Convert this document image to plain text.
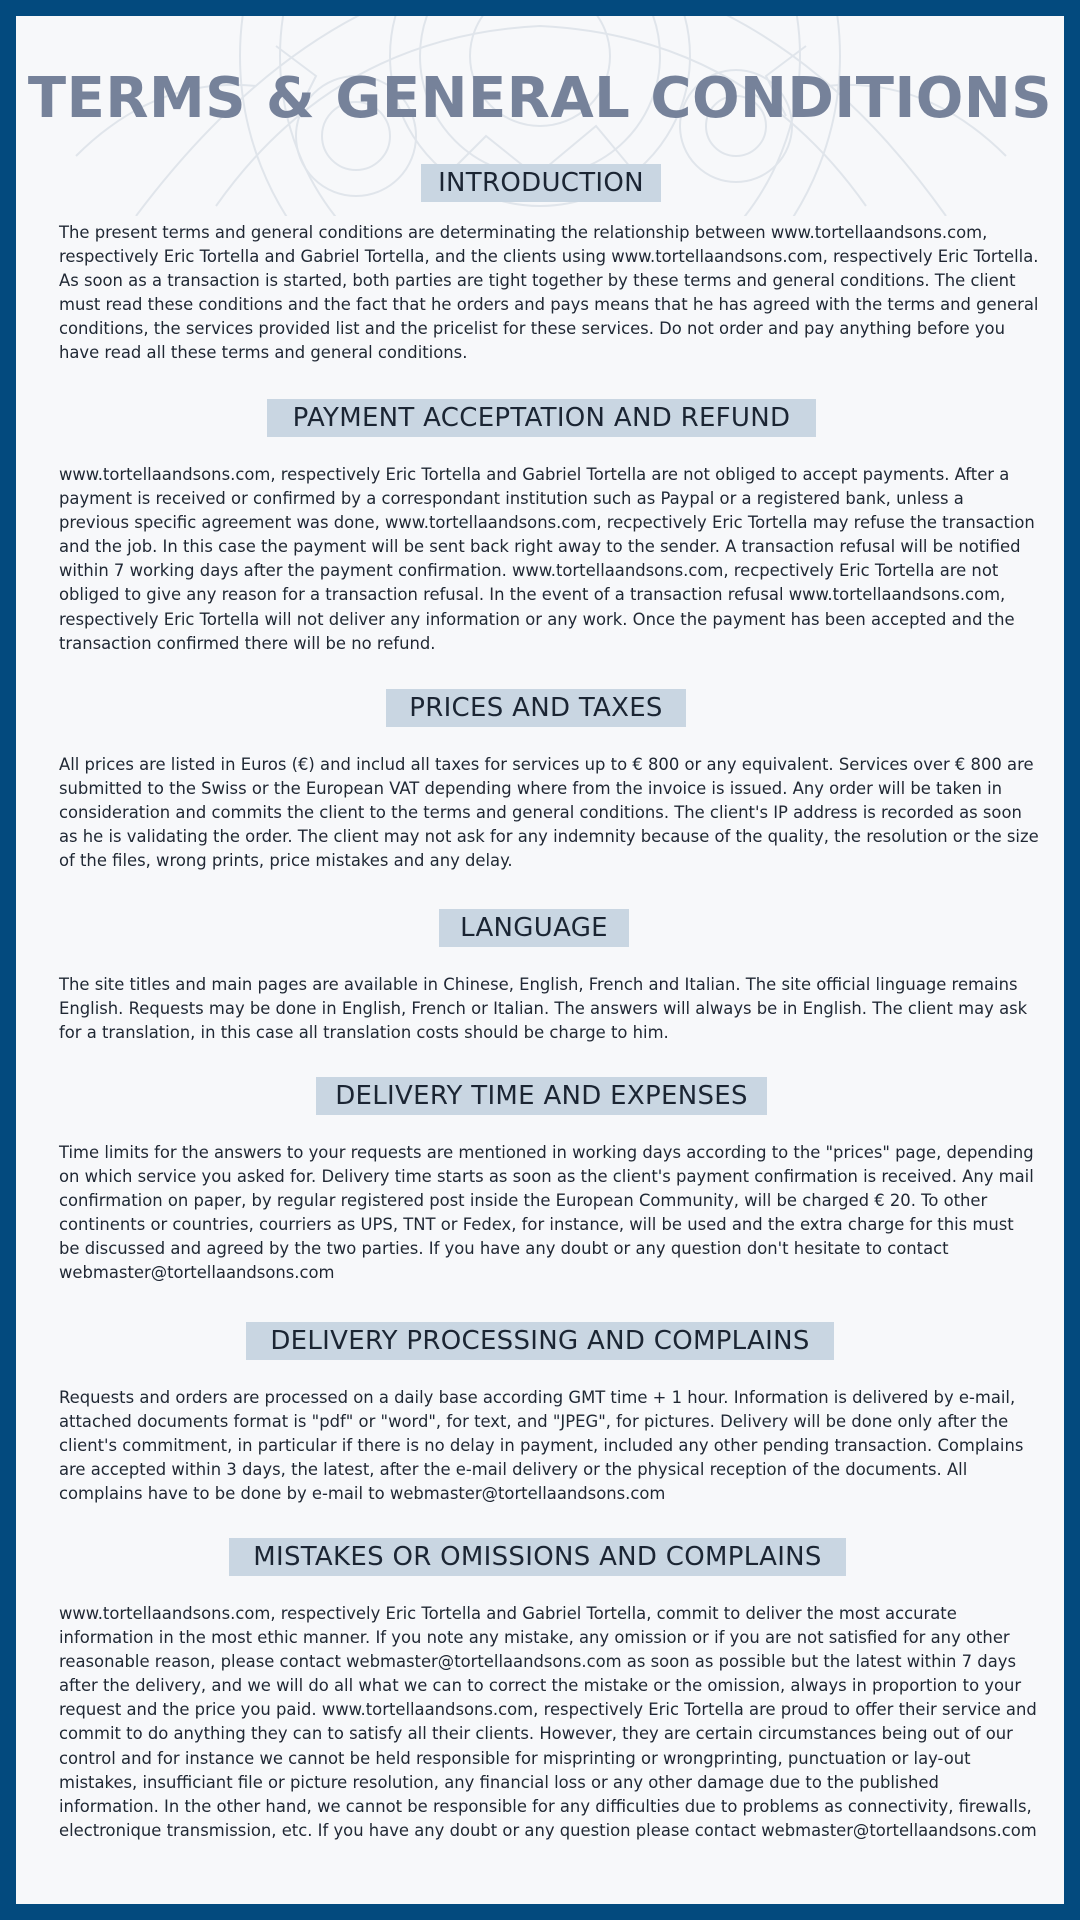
TERMS & GENERAL CONDITIONS
INTRODUCTION

The present terms and general conditions are determinating the relationship between www.tortellaandsons.com, respectively Eric Tortella and Gabriel Tortella, and the clients using www.tortellaandsons.com, respectively Eric Tortella. As soon as a transaction is started, both parties are tight together by these terms and general conditions. The client must read these conditions and the fact that he orders and pays means that he has agreed with the terms and general conditions, the services provided list and the pricelist for these services. Do not order and pay anything before you have read all these terms and general conditions.

PAYMENT ACCEPTATION AND REFUND

www.tortellaandsons.com, respectively Eric Tortella and Gabriel Tortella are not obliged to accept payments. After a payment is received or confirmed by a correspondant institution such as Paypal or a registered bank, unless a previous specific agreement was done, www.tortellaandsons.com, recpectively Eric Tortella may refuse the transaction and the job. In this case the payment will be sent back right away to the sender. A transaction refusal will be notified within 7 working days after the payment confirmation. www.tortellaandsons.com, recpectively Eric Tortella are not obliged to give any reason for a transaction refusal. In the event of a transaction refusal www.tortellaandsons.com, respectively Eric Tortella will not deliver any information or any work. Once the payment has been accepted and the transaction confirmed there will be no refund.

PRICES AND TAXES

All prices are listed in Euros (€) and includ all taxes for services up to € 800 or any equivalent. Services over € 800 are submitted to the Swiss or the European VAT depending where from the invoice is issued. Any order will be taken in consideration and commits the client to the terms and general conditions. The client's IP address is recorded as soon as he is validating the order. The client may not ask for any indemnity because of the quality, the resolution or the size of the files, wrong prints, price mistakes and any delay.

LANGUAGE

The site titles and main pages are available in Chinese, English, French and Italian. The site official linguage remains English. Requests may be done in English, French or Italian. The answers will always be in English. The client may ask for a translation, in this case all translation costs should be charge to him.

DELIVERY TIME AND EXPENSES

Time limits for the answers to your requests are mentioned in working days according to the "prices" page, depending on which service you asked for. Delivery time starts as soon as the client's payment confirmation is received. Any mail confirmation on paper, by regular registered post inside the European Community, will be charged € 20. To other continents or countries, courriers as UPS, TNT or Fedex, for instance, will be used and the extra charge for this must be discussed and agreed by the two parties. If you have any doubt or any question don't hesitate to contact webmaster@tortellaandsons.com

DELIVERY PROCESSING AND COMPLAINS

Requests and orders are processed on a daily base according GMT time + 1 hour. Information is delivered by e-mail, attached documents format is "pdf" or "word", for text, and "JPEG", for pictures. Delivery will be done only after the client's commitment, in particular if there is no delay in payment, included any other pending transaction. Complains are accepted within 3 days, the latest, after the e-mail delivery or the physical reception of the documents. All complains have to be done by e-mail to webmaster@tortellaandsons.com

MISTAKES OR OMISSIONS AND COMPLAINS

www.tortellaandsons.com, respectively Eric Tortella and Gabriel Tortella, commit to deliver the most accurate information in the most ethic manner. If you note any mistake, any omission or if you are not satisfied for any other reasonable reason, please contact webmaster@tortellaandsons.com as soon as possible but the latest within 7 days after the delivery, and we will do all what we can to correct the mistake or the omission, always in proportion to your request and the price you paid. www.tortellaandsons.com, respectively Eric Tortella are proud to offer their service and commit to do anything they can to satisfy all their clients. However, they are certain circumstances being out of our control and for instance we cannot be held responsible for misprinting or wrongprinting, punctuation or lay-out mistakes, insufficiant file or picture resolution, any financial loss or any other damage due to the published information. In the other hand, we cannot be responsible for any difficulties due to problems as connectivity, firewalls, electronique transmission, etc. If you have any doubt or any question please contact webmaster@tortellaandsons.com
